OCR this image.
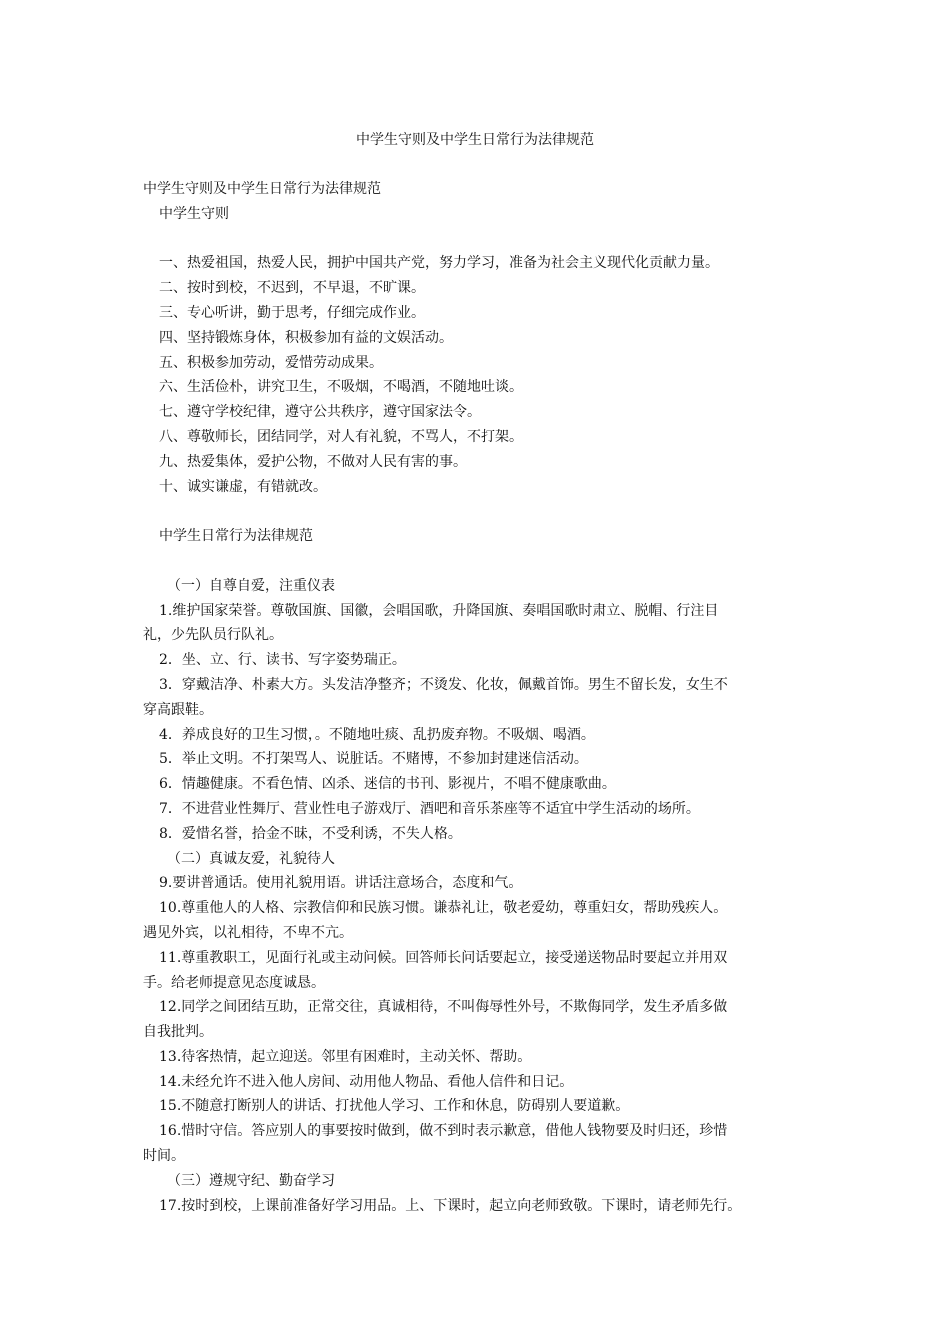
中学生守则及中学生日常行为法律规范
中学生守则及中学生日常行为法律规范
中学生守则
一、热爱祖国，热爱人民，拥护中国共产党，努力学习，准备为社会主义现代化贡献力量。
二、按时到校，不迟到，不早退，不旷课。
三、专心听讲，勤于思考，仔细完成作业。
四、坚持锻炼身体，积极参加有益的文娱活动。
五、积极参加劳动，爱惜劳动成果。
六、生活俭朴，讲究卫生，不吸烟，不喝酒，不随地吐谈。
七、遵守学校纪律，遵守公共秩序，遵守国家法令。
八、尊敬师长，团结同学，对人有礼貌，不骂人，不打架。
九、热爱集体，爱护公物，不做对人民有害的事。
十、诚实谦虚，有错就改。
中学生日常行为法律规范
（一）自尊自爱，注重仪表
1.维护国家荣誉。尊敬国旗、国徽，会唱国歌，升降国旗、奏唱国歌时肃立、脱帽、行注目
礼，少先队员行队礼。
2．坐、立、行、读书、写字姿势瑞正。
3．穿戴洁净、朴素大方。头发洁净整齐；不烫发、化妆，佩戴首饰。男生不留长发，女生不
穿高跟鞋。
4．养成良好的卫生习惯，。不随地吐痰、乱扔废弃物。不吸烟、喝酒。
5．举止文明。不打架骂人、说脏话。不赌博，不参加封建迷信活动。
6．情趣健康。不看色情、凶杀、迷信的书刊、影视片，不唱不健康歌曲。
7．不进营业性舞厅、营业性电子游戏厅、酒吧和音乐茶座等不适宜中学生活动的场所。
8．爱惜名誉，拾金不昧，不受利诱，不失人格。
（二）真诚友爱，礼貌待人
9.要讲普通话。使用礼貌用语。讲话注意场合，态度和气。
10.尊重他人的人格、宗教信仰和民族习惯。谦恭礼让，敬老爱幼，尊重妇女，帮助残疾人。
遇见外宾，以礼相待，不卑不亢。
11.尊重教职工，见面行礼或主动问候。回答师长问话要起立，接受递送物品时要起立并用双
手。给老师提意见态度诚恳。
12.同学之间团结互助，正常交往，真诚相待，不叫侮辱性外号，不欺侮同学，发生矛盾多做
自我批判。
13.待客热情，起立迎送。邻里有困难时，主动关怀、帮助。
14.未经允许不进入他人房间、动用他人物品、看他人信件和日记。
15.不随意打断别人的讲话、打扰他人学习、工作和休息，防碍别人要道歉。
16.惜时守信。答应别人的事要按时做到，做不到时表示歉意，借他人钱物要及时归还，珍惜
时间。
（三）遵规守纪、勤奋学习
17.按时到校，上课前准备好学习用品。上、下课时，起立向老师致敬。下课时，请老师先行。
